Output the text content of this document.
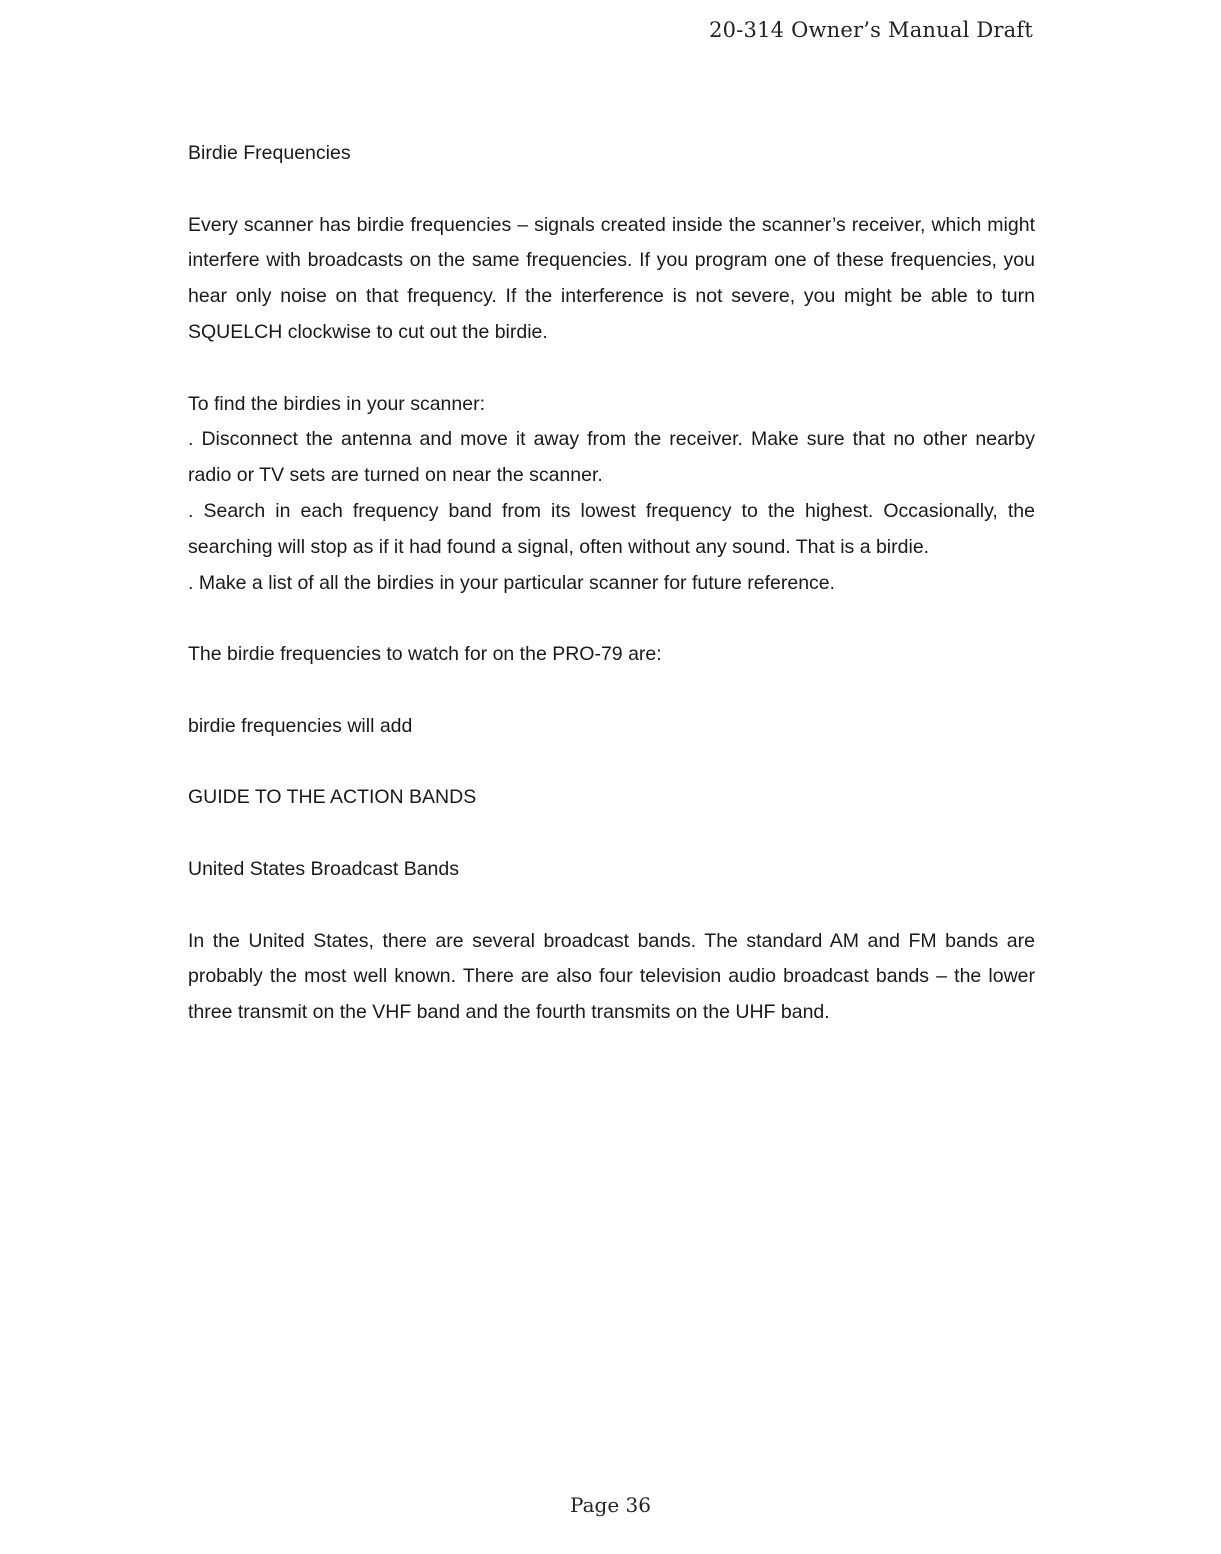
20-314 Owner’s Manual Draft

Birdie Frequencies

Every scanner has birdie frequencies – signals created inside the scanner’s receiver, which might interfere with broadcasts on the same frequencies. If you program one of these frequencies, you hear only noise on that frequency. If the interference is not severe, you might be able to turn SQUELCH clockwise to cut out the birdie.

To find the birdies in your scanner:

. Disconnect the antenna and move it away from the receiver. Make sure that no other nearby radio or TV sets are turned on near the scanner.

. Search in each frequency band from its lowest frequency to the highest. Occasionally, the searching will stop as if it had found a signal, often without any sound. That is a birdie.

. Make a list of all the birdies in your particular scanner for future reference.

The birdie frequencies to watch for on the PRO-79 are:

birdie frequencies will add

GUIDE TO THE ACTION BANDS

United States Broadcast Bands

In the United States, there are several broadcast bands. The standard AM and FM bands are probably the most well known. There are also four television audio broadcast bands – the lower three transmit on the VHF band and the fourth transmits on the UHF band.

Page 36
